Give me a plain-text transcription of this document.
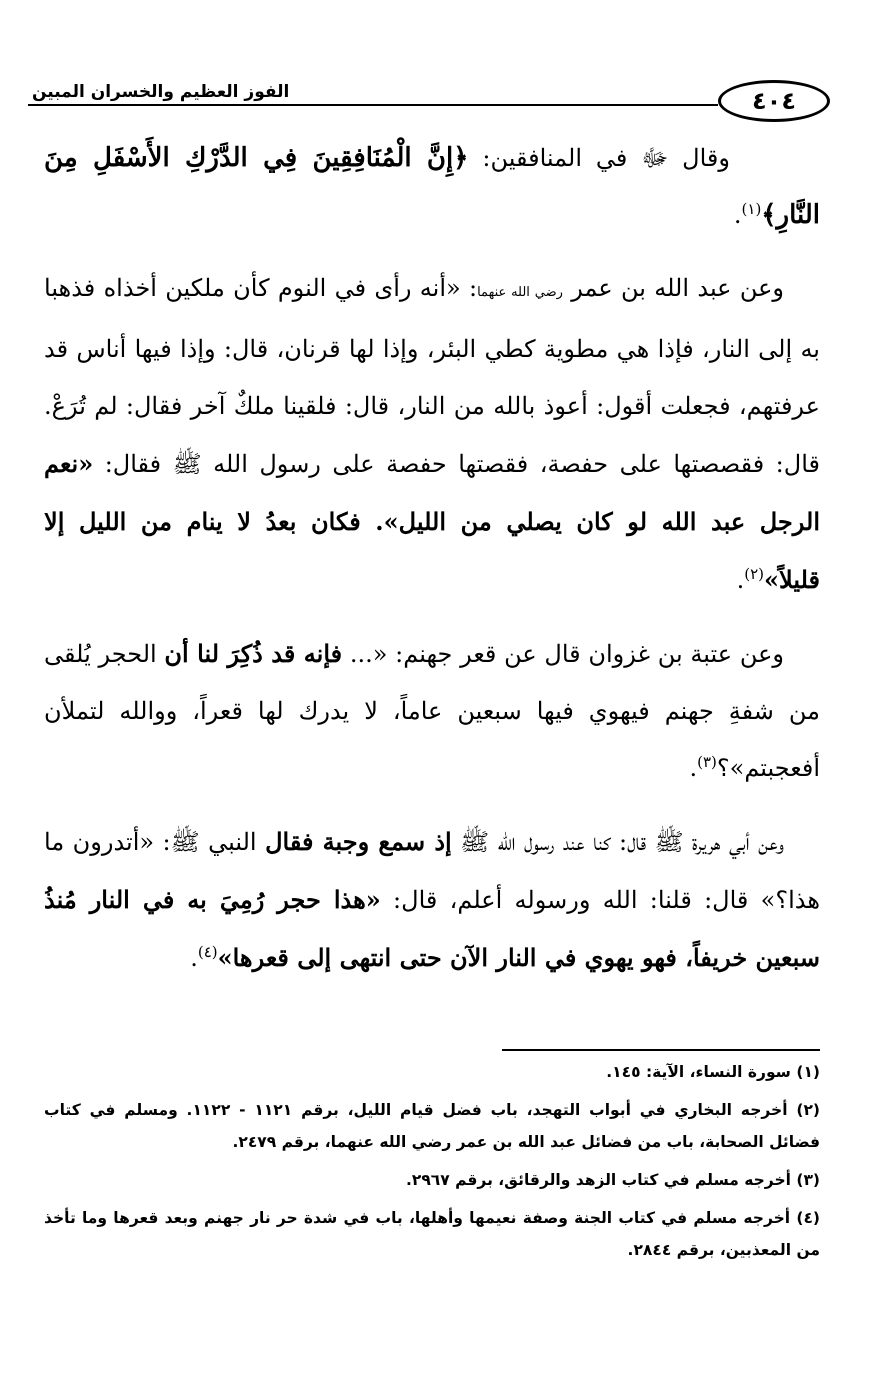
الفوز العظيم والخسران المبين	٤٠٤

وقال ﷻ في المنافقين: ﴿إِنَّ الْمُنَافِقِينَ فِي الدَّرْكِ الأَسْفَلِ مِنَ النَّارِ﴾$^{(١)}$.

وعن عبد الله بن عمر رضي الله عنهما: «أنه رأى في النوم كأن ملكين أخذاه فذهبا به إلى النار، فإذا هي مطوية كطي البئر، وإذا لها قرنان، قال: وإذا فيها أناس قد عرفتهم، فجعلت أقول: أعوذ بالله من النار، قال: فلقينا ملكٌ آخر فقال: لم تُرَعْ. قال: فقصصتها على حفصة، فقصتها حفصة على رسول الله ﷺ فقال: «نعم الرجل عبد الله لو كان يصلي من الليل». فكان بعدُ لا ينام من الليل إلا قليلاً»$^{(٢)}$.

وعن عتبة بن غزوان قال عن قعر جهنم: «... فإنه قد ذُكِرَ لنا أن الحجر يُلقى من شفةِ جهنم فيهوي فيها سبعين عاماً، لا يدرك لها قعراً، ووالله لتملأن أفعجبتم»؟$^{(٣)}$.

وعن أبي هريرة ﷺ قال: كنا عند رسول الله ﷺ إذ سمع وجبة فقال النبي ﷺ: «أتدرون ما هذا؟» قال: قلنا: الله ورسوله أعلم، قال: «هذا حجر رُمِيَ به في النار مُنذُ سبعين خريفاً، فهو يهوي في النار الآن حتى انتهى إلى قعرها»$^{(٤)}$.

(١) سورة النساء، الآية: ١٤٥.
(٢) أخرجه البخاري في أبواب التهجد، باب فضل قيام الليل، برقم ١١٢١ - ١١٢٢. ومسلم في كتاب فضائل الصحابة، باب من فضائل عبد الله بن عمر رضي الله عنهما، برقم ٢٤٧٩.
(٣) أخرجه مسلم في كتاب الزهد والرقائق، برقم ٢٩٦٧.
(٤) أخرجه مسلم في كتاب الجنة وصفة نعيمها وأهلها، باب في شدة حر نار جهنم وبعد قعرها وما تأخذ من المعذبين، برقم ٢٨٤٤.
